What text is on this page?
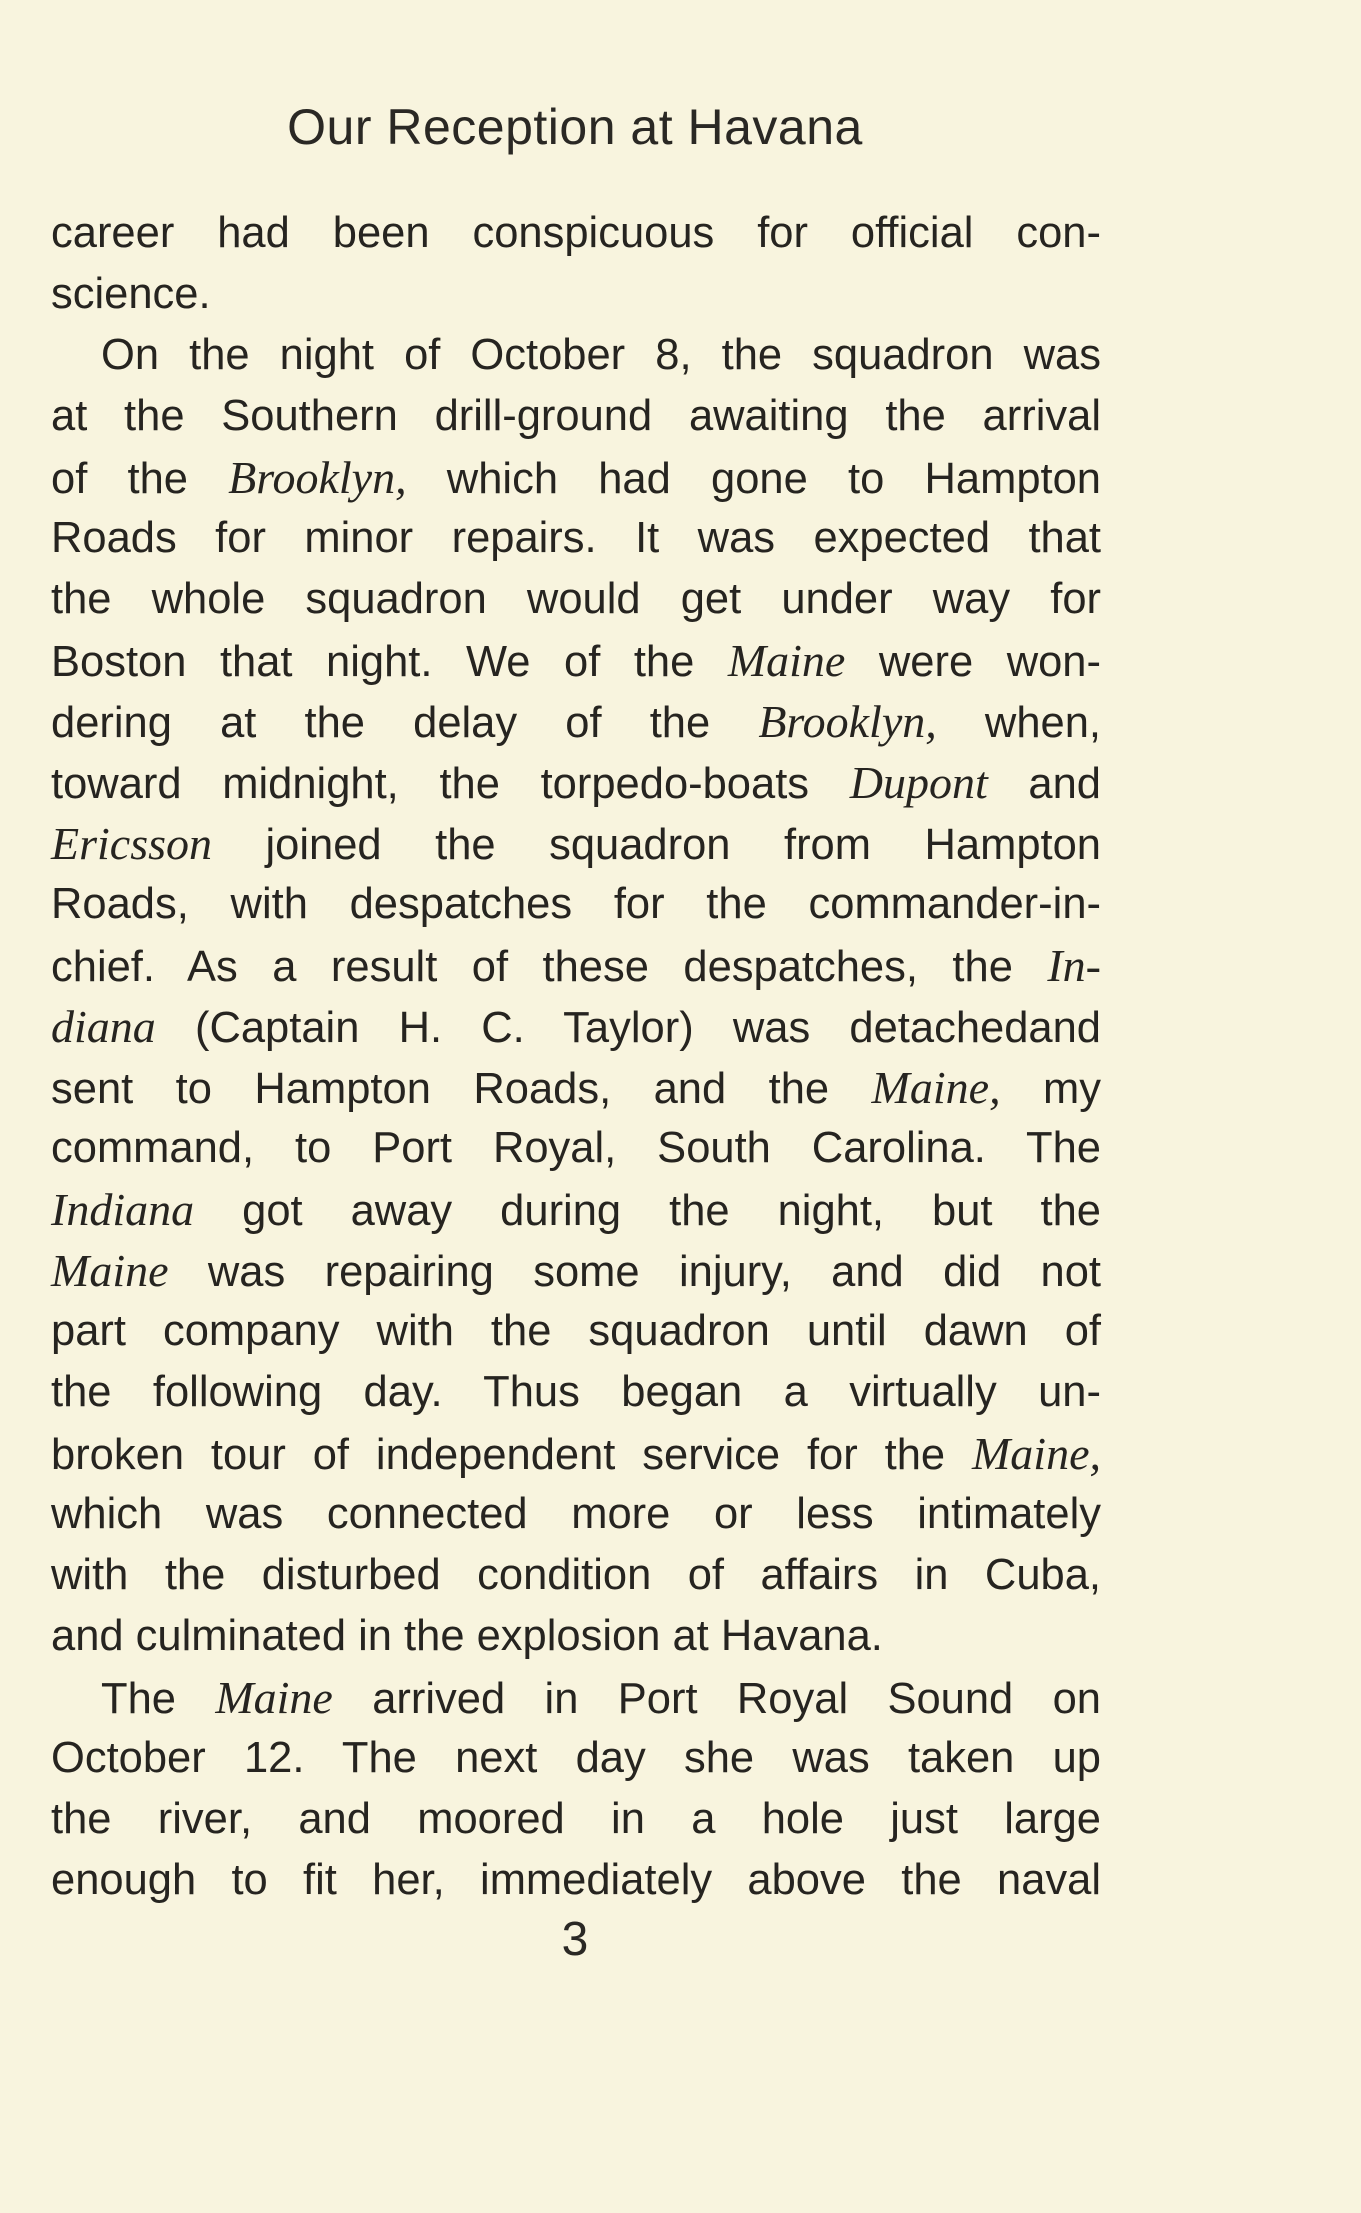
Our Reception at Havana
career had been conspicuous for official con-
science.
On the night of October 8, the squadron was
at the Southern drill-ground awaiting the arrival
of the Brooklyn, which had gone to Hampton
Roads for minor repairs. It was expected that
the whole squadron would get under way for
Boston that night. We of the Maine were won-
dering at the delay of the Brooklyn, when,
toward midnight, the torpedo-boats Dupont and
Ericsson joined the squadron from Hampton
Roads, with despatches for the commander-in-
chief. As a result of these despatches, the In-
diana (Captain H. C. Taylor) was detachedand
sent to Hampton Roads, and the Maine, my
command, to Port Royal, South Carolina. The
Indiana got away during the night, but the
Maine was repairing some injury, and did not
part company with the squadron until dawn of
the following day. Thus began a virtually un-
broken tour of independent service for the Maine,
which was connected more or less intimately
with the disturbed condition of affairs in Cuba,
and culminated in the explosion at Havana.
The Maine arrived in Port Royal Sound on
October 12. The next day she was taken up
the river, and moored in a hole just large
enough to fit her, immediately above the naval
3
